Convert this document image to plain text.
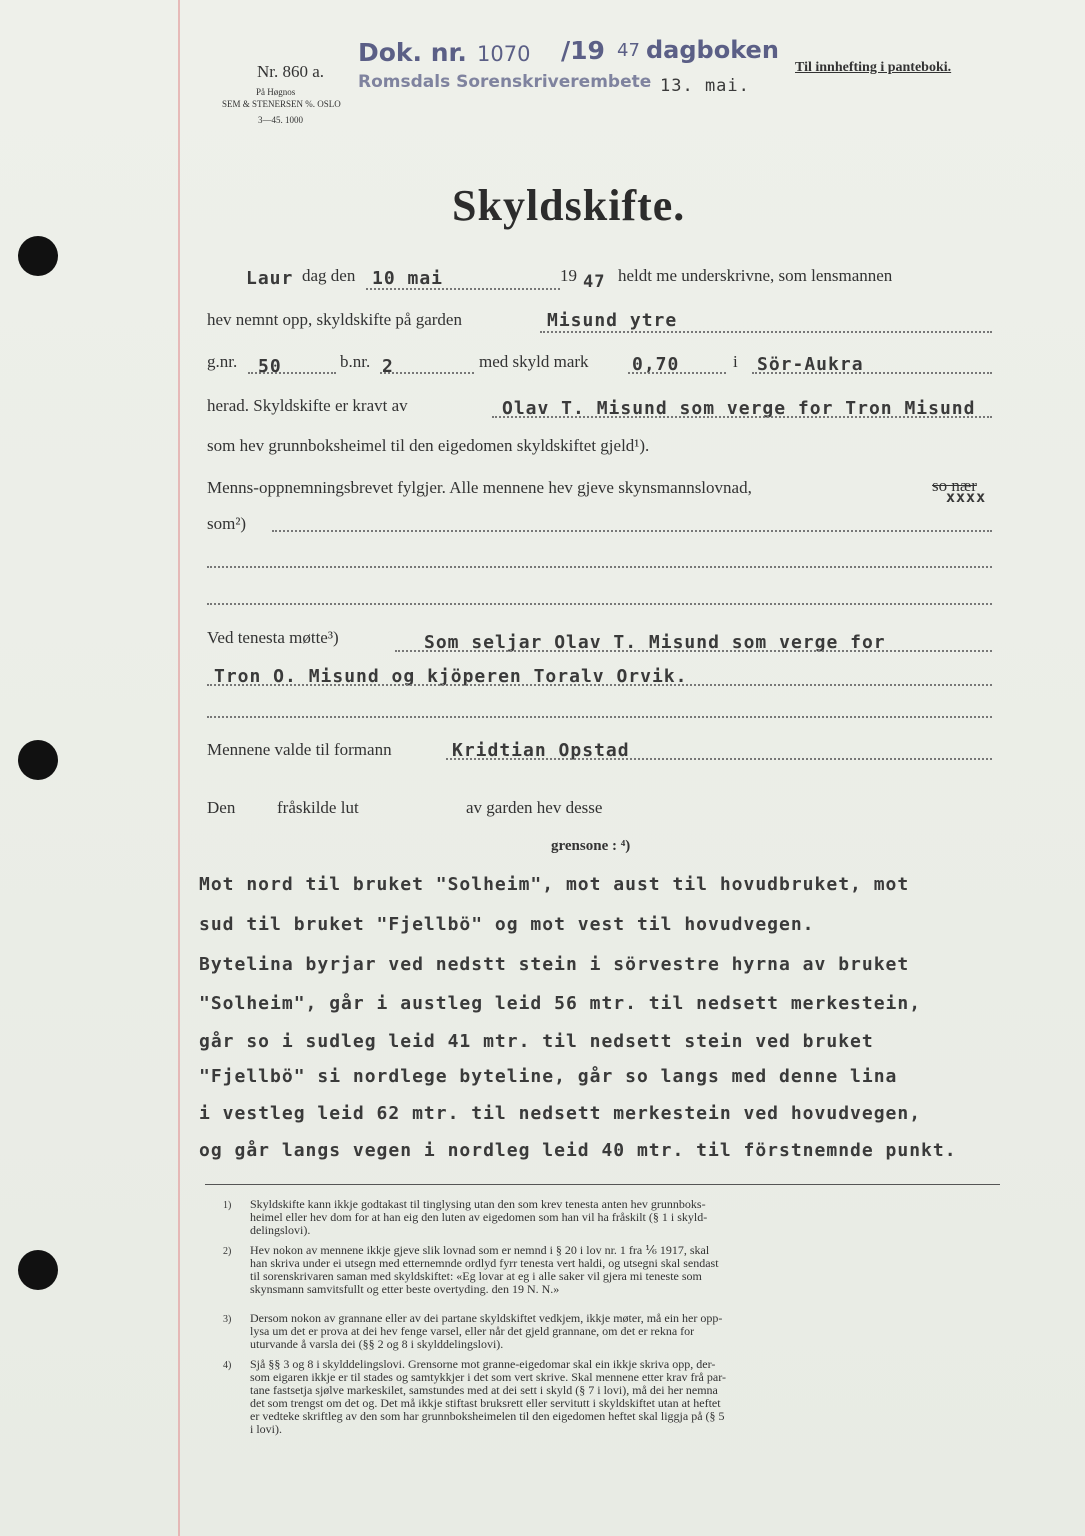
Nr. 860 a.
På Høgnos
SEM & STENERSEN %. OSLO
3—45. 1000
Dok. nr. 1070 /19 47 dagboken
Romsdals Sorenskriverembete 13. mai.
Til innhefting i panteboki.
Skyldskifte.
Laur dag den 10 mai	19 47 heldt me underskrivne, som lensmannen
hev nemnt opp, skyldskifte på garden	Misund ytre
g.nr. 50	b.nr. 2	med skyld mark 0,70	i Sör-Aukra
herad. Skyldskifte er kravt av	Olav T. Misund som verge for Tron Misund
som hev grunnboksheimel til den eigedomen skyldskiftet gjeld¹).
Menns-oppnemningsbrevet fylgjer. Alle mennene hev gjeve skynsmannslovnad,	so nær
xxxx
som²)
Ved tenesta møtte³)	Som seljar Olav T. Misund som verge for
Tron O. Misund og kjöperen Toralv Orvik.
Mennene valde til formann	Kridtian Opstad
Den fråskilde lut	av garden hev desse
grensone : ⁴)
Mot nord til bruket "Solheim", mot aust til hovudbruket, mot
sud til bruket "Fjellbö" og mot vest til hovudvegen.
Bytelina byrjar ved nedstt stein i sörvestre hyrna av bruket
"Solheim", går i austleg leid 56 mtr. til nedsett merkestein,
går so i sudleg leid 41 mtr. til nedsett stein ved bruket
"Fjellbö" si nordlege byteline, går so langs med denne lina
i vestleg leid 62 mtr. til nedsett merkestein ved hovudvegen,
og går langs vegen i nordleg leid 40 mtr. til förstnemnde punkt.
1) Skyldskifte kann ikkje godtakast til tinglysing utan den som krev tenesta anten hev grunnboks-
heimel eller hev dom for at han eig den luten av eigedomen som han vil ha fråskilt (§ 1 i skyld-
delingslovi).
2) Hev nokon av mennene ikkje gjeve slik lovnad som er nemnd i § 20 i lov nr. 1 fra ⅙ 1917, skal
han skriva under ei utsegn med etternemnde ordlyd fyrr tenesta vert haldi, og utsegni skal sendast
til sorenskrivaren saman med skyldskiftet: «Eg lovar at eg i alle saker vil gjera mi teneste som
skynsmann samvitsfullt og etter beste overtyding. den 19 N. N.»
3) Dersom nokon av grannane eller av dei partane skyldskiftet vedkjem, ikkje møter, må ein her opp-
lysa um det er prova at dei hev fenge varsel, eller når det gjeld grannane, om det er rekna for
uturvande å varsla dei (§§ 2 og 8 i skylddelingslovi).
4) Sjå §§ 3 og 8 i skylddelingslovi. Grensorne mot granne-eigedomar skal ein ikkje skriva opp, der-
som eigaren ikkje er til stades og samtykkjer i det som vert skrive. Skal mennene etter krav frå par-
tane fastsetja sjølve markeskilet, samstundes med at dei sett i skyld (§ 7 i lovi), må dei her nemna
det som trengst om det og. Det må ikkje stiftast bruksrett eller servitutt i skyldskiftet utan at heftet
er vedteke skriftleg av den som har grunnboksheimelen til den eigedomen heftet skal liggja på (§ 5
i lovi).
